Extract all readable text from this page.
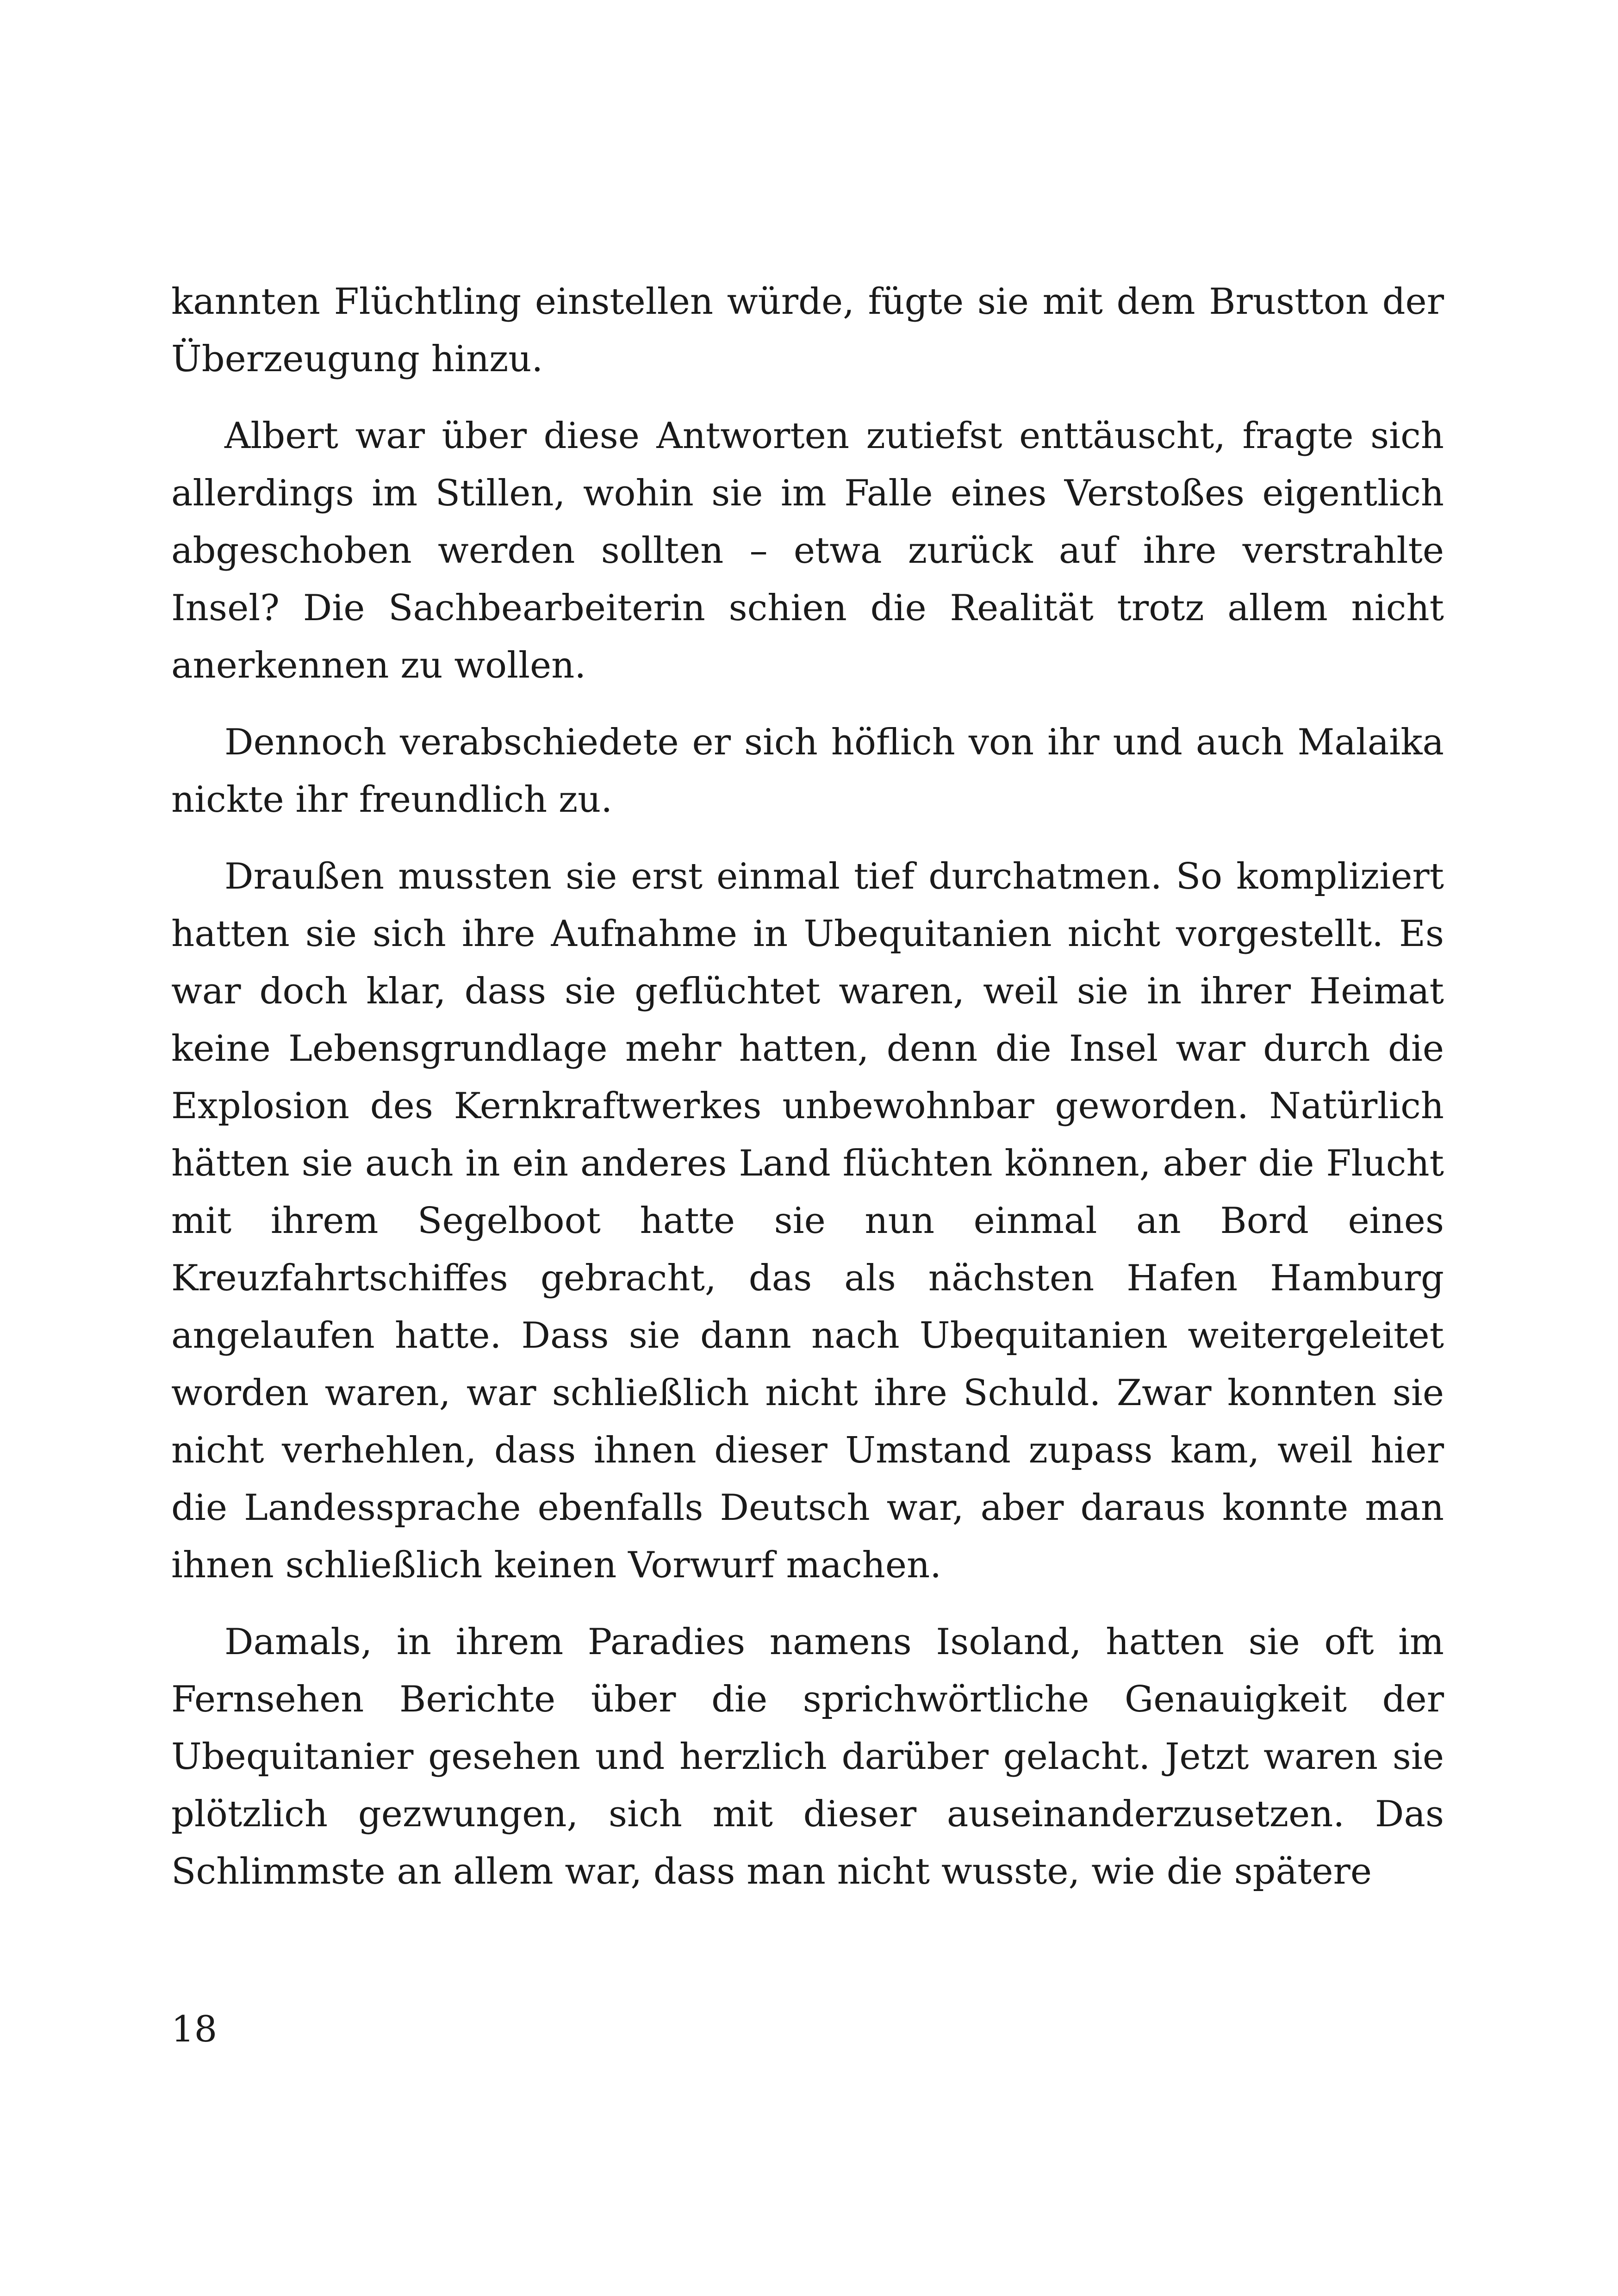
kannten Flüchtling einstellen würde, fügte sie mit dem Brustton der Überzeugung hinzu.

Albert war über diese Antworten zutiefst enttäuscht, fragte sich allerdings im Stillen, wohin sie im Falle eines Verstoßes eigentlich abgeschoben werden sollten – etwa zurück auf ihre verstrahlte Insel? Die Sachbearbeiterin schien die Realität trotz allem nicht anerkennen zu wollen.

Dennoch verabschiedete er sich höflich von ihr und auch Malaika nickte ihr freundlich zu.

Draußen mussten sie erst einmal tief durchatmen. So kompliziert hatten sie sich ihre Aufnahme in Ubequitanien nicht vorgestellt. Es war doch klar, dass sie geflüchtet waren, weil sie in ihrer Heimat keine Lebensgrundlage mehr hatten, denn die Insel war durch die Explosion des Kernkraftwerkes unbewohnbar geworden. Natürlich hätten sie auch in ein anderes Land flüchten können, aber die Flucht mit ihrem Segelboot hatte sie nun einmal an Bord eines Kreuzfahrtschiffes gebracht, das als nächsten Hafen Hamburg angelaufen hatte. Dass sie dann nach Ubequitanien weitergeleitet worden waren, war schließlich nicht ihre Schuld. Zwar konnten sie nicht verhehlen, dass ihnen dieser Umstand zupass kam, weil hier die Landessprache ebenfalls Deutsch war, aber daraus konnte man ihnen schließlich keinen Vorwurf machen.

Damals, in ihrem Paradies namens Isoland, hatten sie oft im Fernsehen Berichte über die sprichwörtliche Genauigkeit der Ubequitanier gesehen und herzlich darüber gelacht. Jetzt waren sie plötzlich gezwungen, sich mit dieser auseinanderzusetzen. Das Schlimmste an allem war, dass man nicht wusste, wie die spätere

18
